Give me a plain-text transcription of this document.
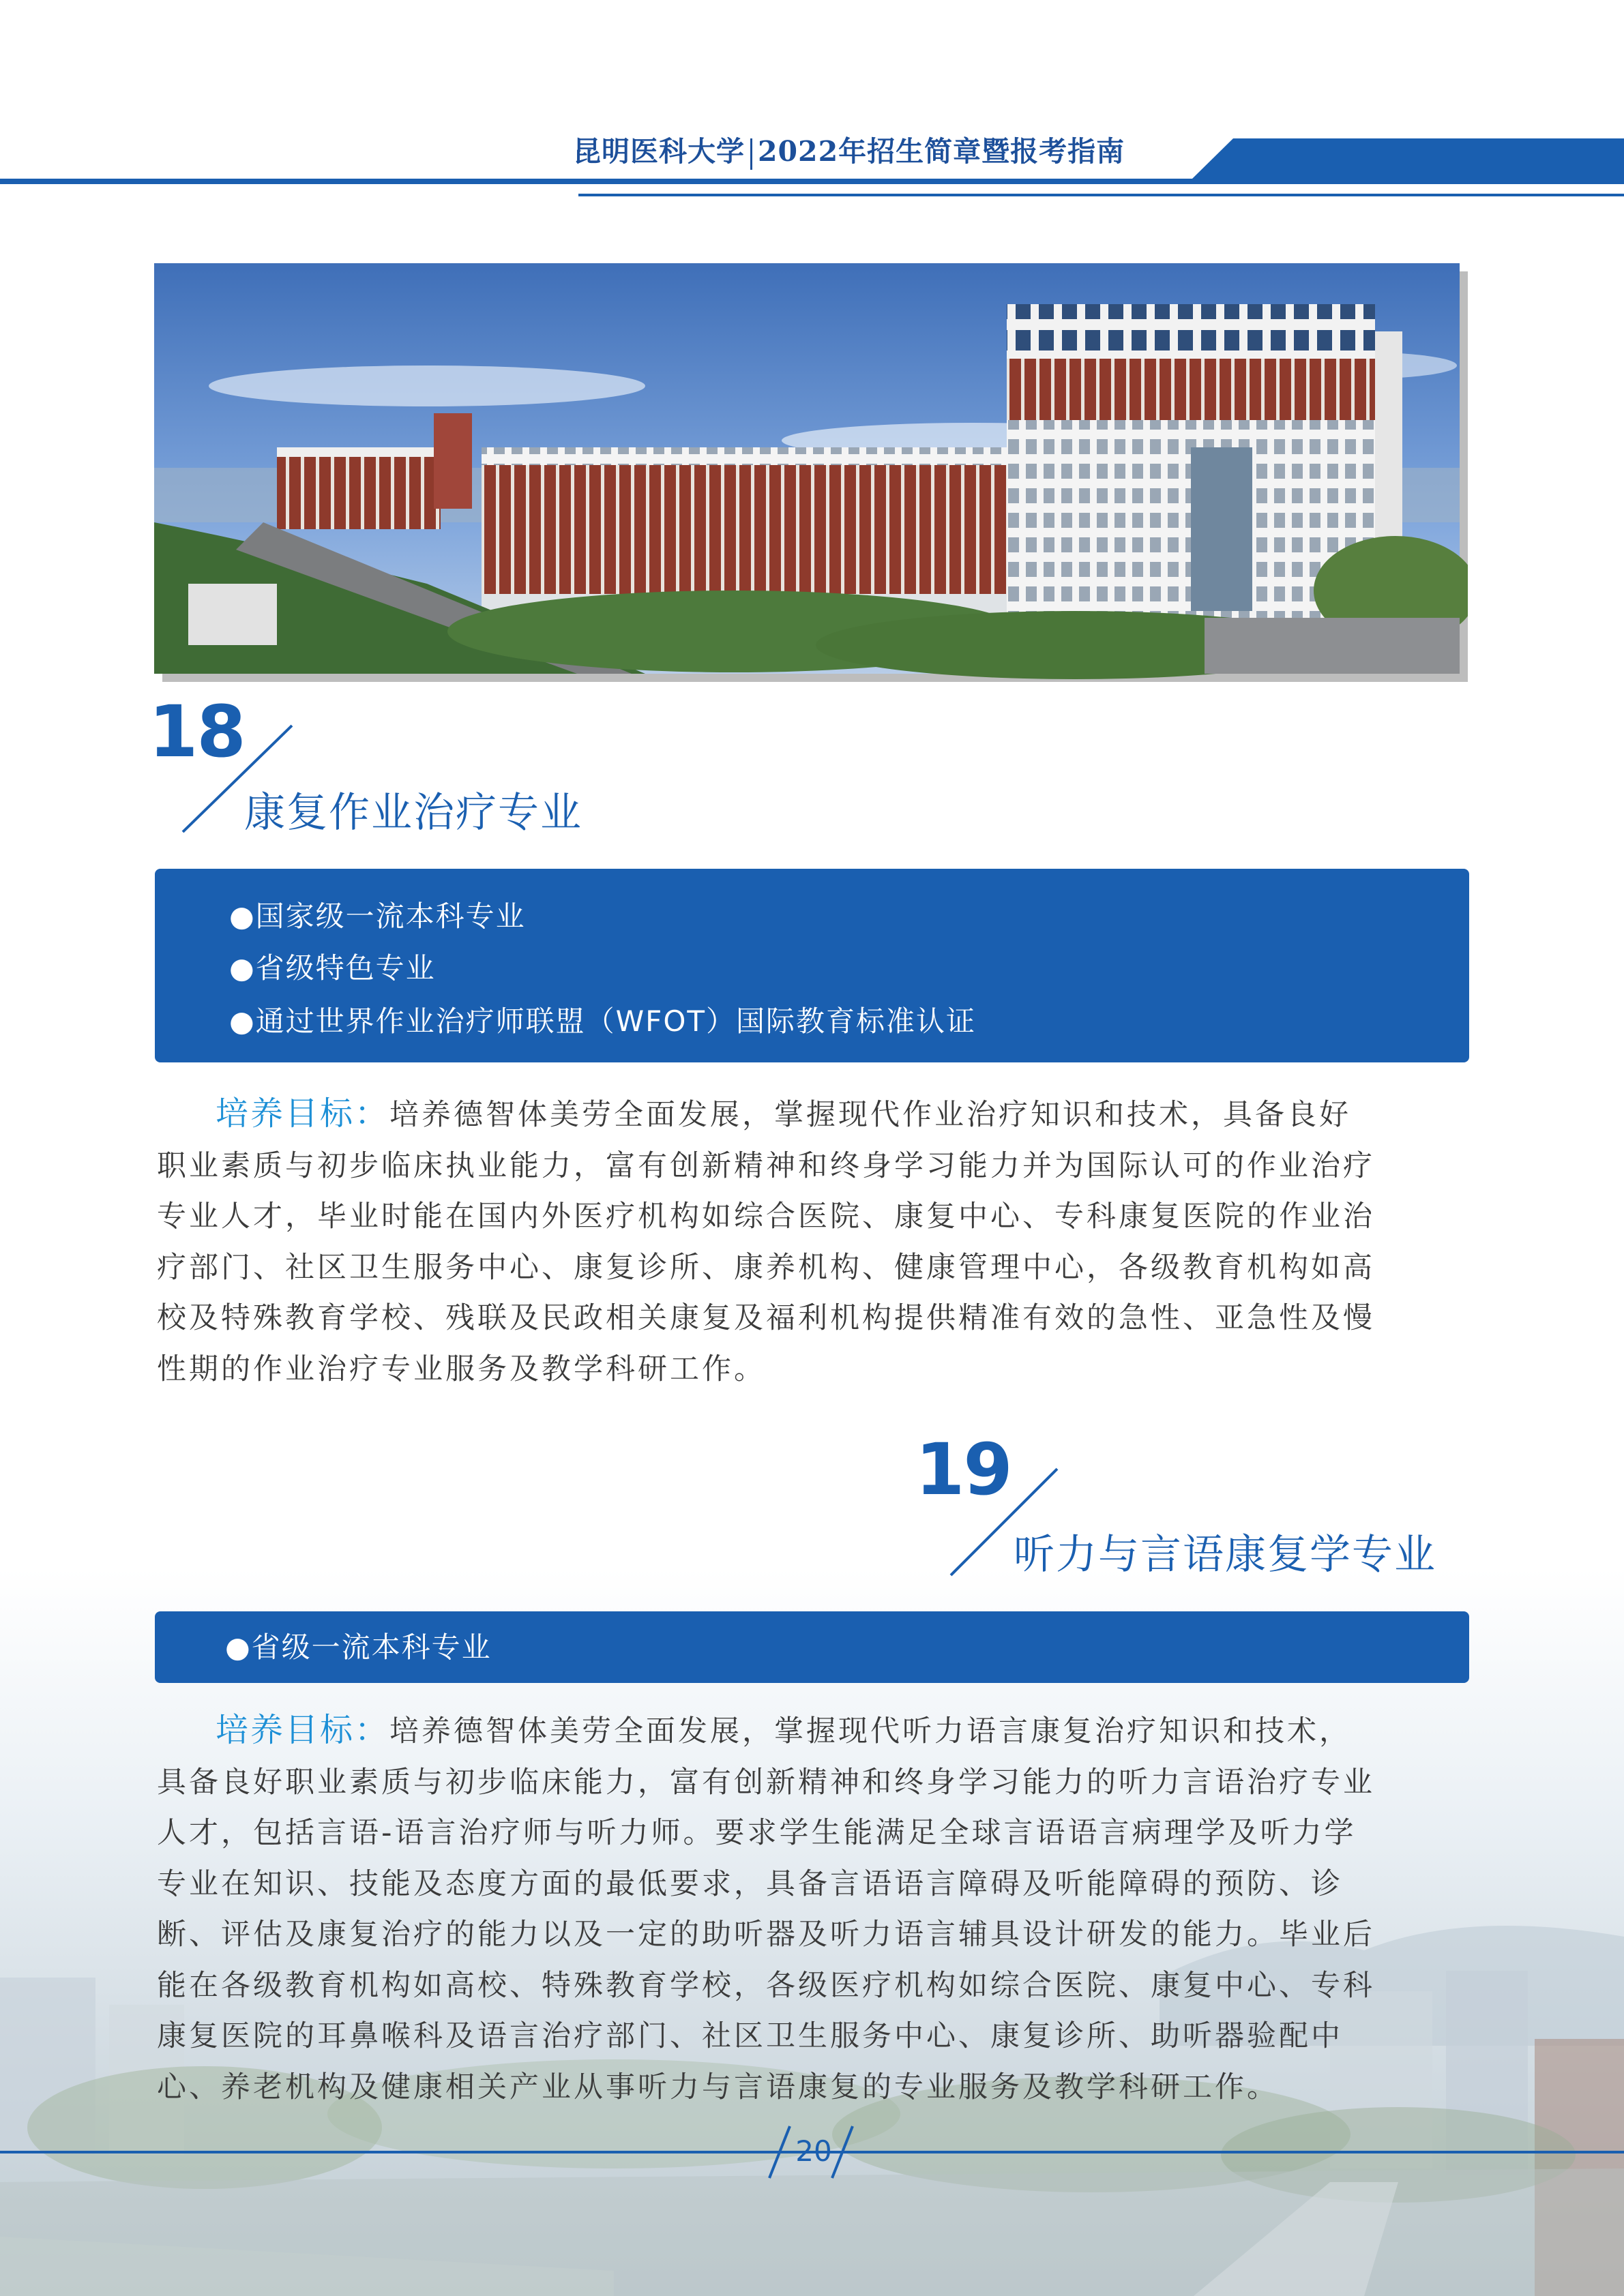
昆明医科大学 2022年招生简章暨报考指南
18
康复作业治疗专业
●国家级一流本科专业
●省级特色专业
●通过世界作业治疗师联盟（WFOT）国际教育标准认证
培养目标：培养德智体美劳全面发展，掌握现代作业治疗知识和技术，具备良好
职业素质与初步临床执业能力，富有创新精神和终身学习能力并为国际认可的作业治疗
专业人才，毕业时能在国内外医疗机构如综合医院、康复中心、专科康复医院的作业治
疗部门、社区卫生服务中心、康复诊所、康养机构、健康管理中心，各级教育机构如高
校及特殊教育学校、残联及民政相关康复及福利机构提供精准有效的急性、亚急性及慢
性期的作业治疗专业服务及教学科研工作。
19
听力与言语康复学专业
●省级一流本科专业
培养目标：培养德智体美劳全面发展，掌握现代听力语言康复治疗知识和技术，
具备良好职业素质与初步临床能力，富有创新精神和终身学习能力的听力言语治疗专业
人才，包括言语-语言治疗师与听力师。要求学生能满足全球言语语言病理学及听力学
专业在知识、技能及态度方面的最低要求，具备言语语言障碍及听能障碍的预防、诊
断、评估及康复治疗的能力以及一定的助听器及听力语言辅具设计研发的能力。毕业后
能在各级教育机构如高校、特殊教育学校，各级医疗机构如综合医院、康复中心、专科
康复医院的耳鼻喉科及语言治疗部门、社区卫生服务中心、康复诊所、助听器验配中
心、养老机构及健康相关产业从事听力与言语康复的专业服务及教学科研工作。
20
